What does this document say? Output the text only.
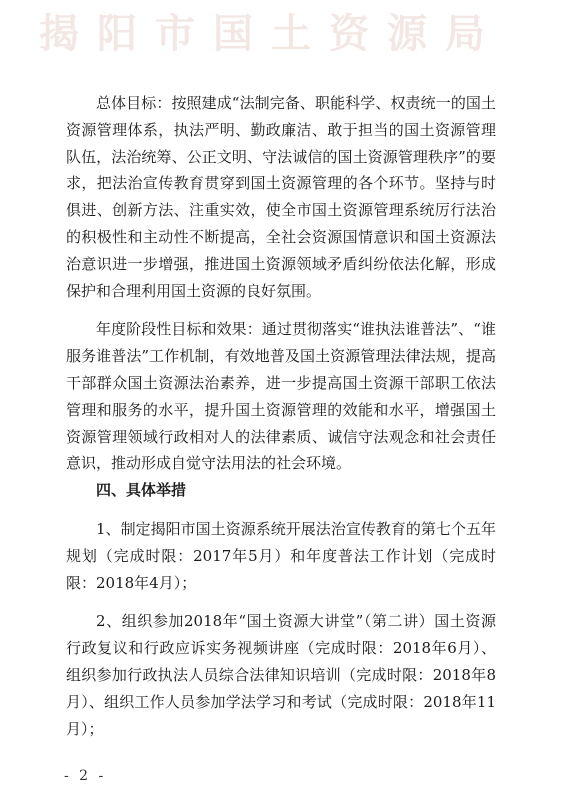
揭阳市国土资源局

总体目标：按照建成“法制完备、职能科学、权责统一的国土资源管理体系，执法严明、勤政廉洁、敢于担当的国土资源管理队伍，法治统筹、公正文明、守法诚信的国土资源管理秩序”的要求，把法治宣传教育贯穿到国土资源管理的各个环节。坚持与时俱进、创新方法、注重实效，使全市国土资源管理系统厉行法治的积极性和主动性不断提高，全社会资源国情意识和国土资源法治意识进一步增强，推进国土资源领域矛盾纠纷依法化解，形成保护和合理利用国土资源的良好氛围。

年度阶段性目标和效果：通过贯彻落实“谁执法谁普法”、“谁服务谁普法”工作机制，有效地普及国土资源管理法律法规，提高干部群众国土资源法治素养，进一步提高国土资源干部职工依法管理和服务的水平，提升国土资源管理的效能和水平，增强国土资源管理领域行政相对人的法律素质、诚信守法观念和社会责任意识，推动形成自觉守法用法的社会环境。

四、具体举措

1、制定揭阳市国土资源系统开展法治宣传教育的第七个五年规划（完成时限：2017年5月）和年度普法工作计划（完成时限：2018年4月）；

2、组织参加2018年“国土资源大讲堂”（第二讲）国土资源行政复议和行政应诉实务视频讲座（完成时限：2018年6月）、组织参加行政执法人员综合法律知识培训（完成时限：2018年8月）、组织工作人员参加学法学习和考试（完成时限：2018年11月）；

- 2 -
